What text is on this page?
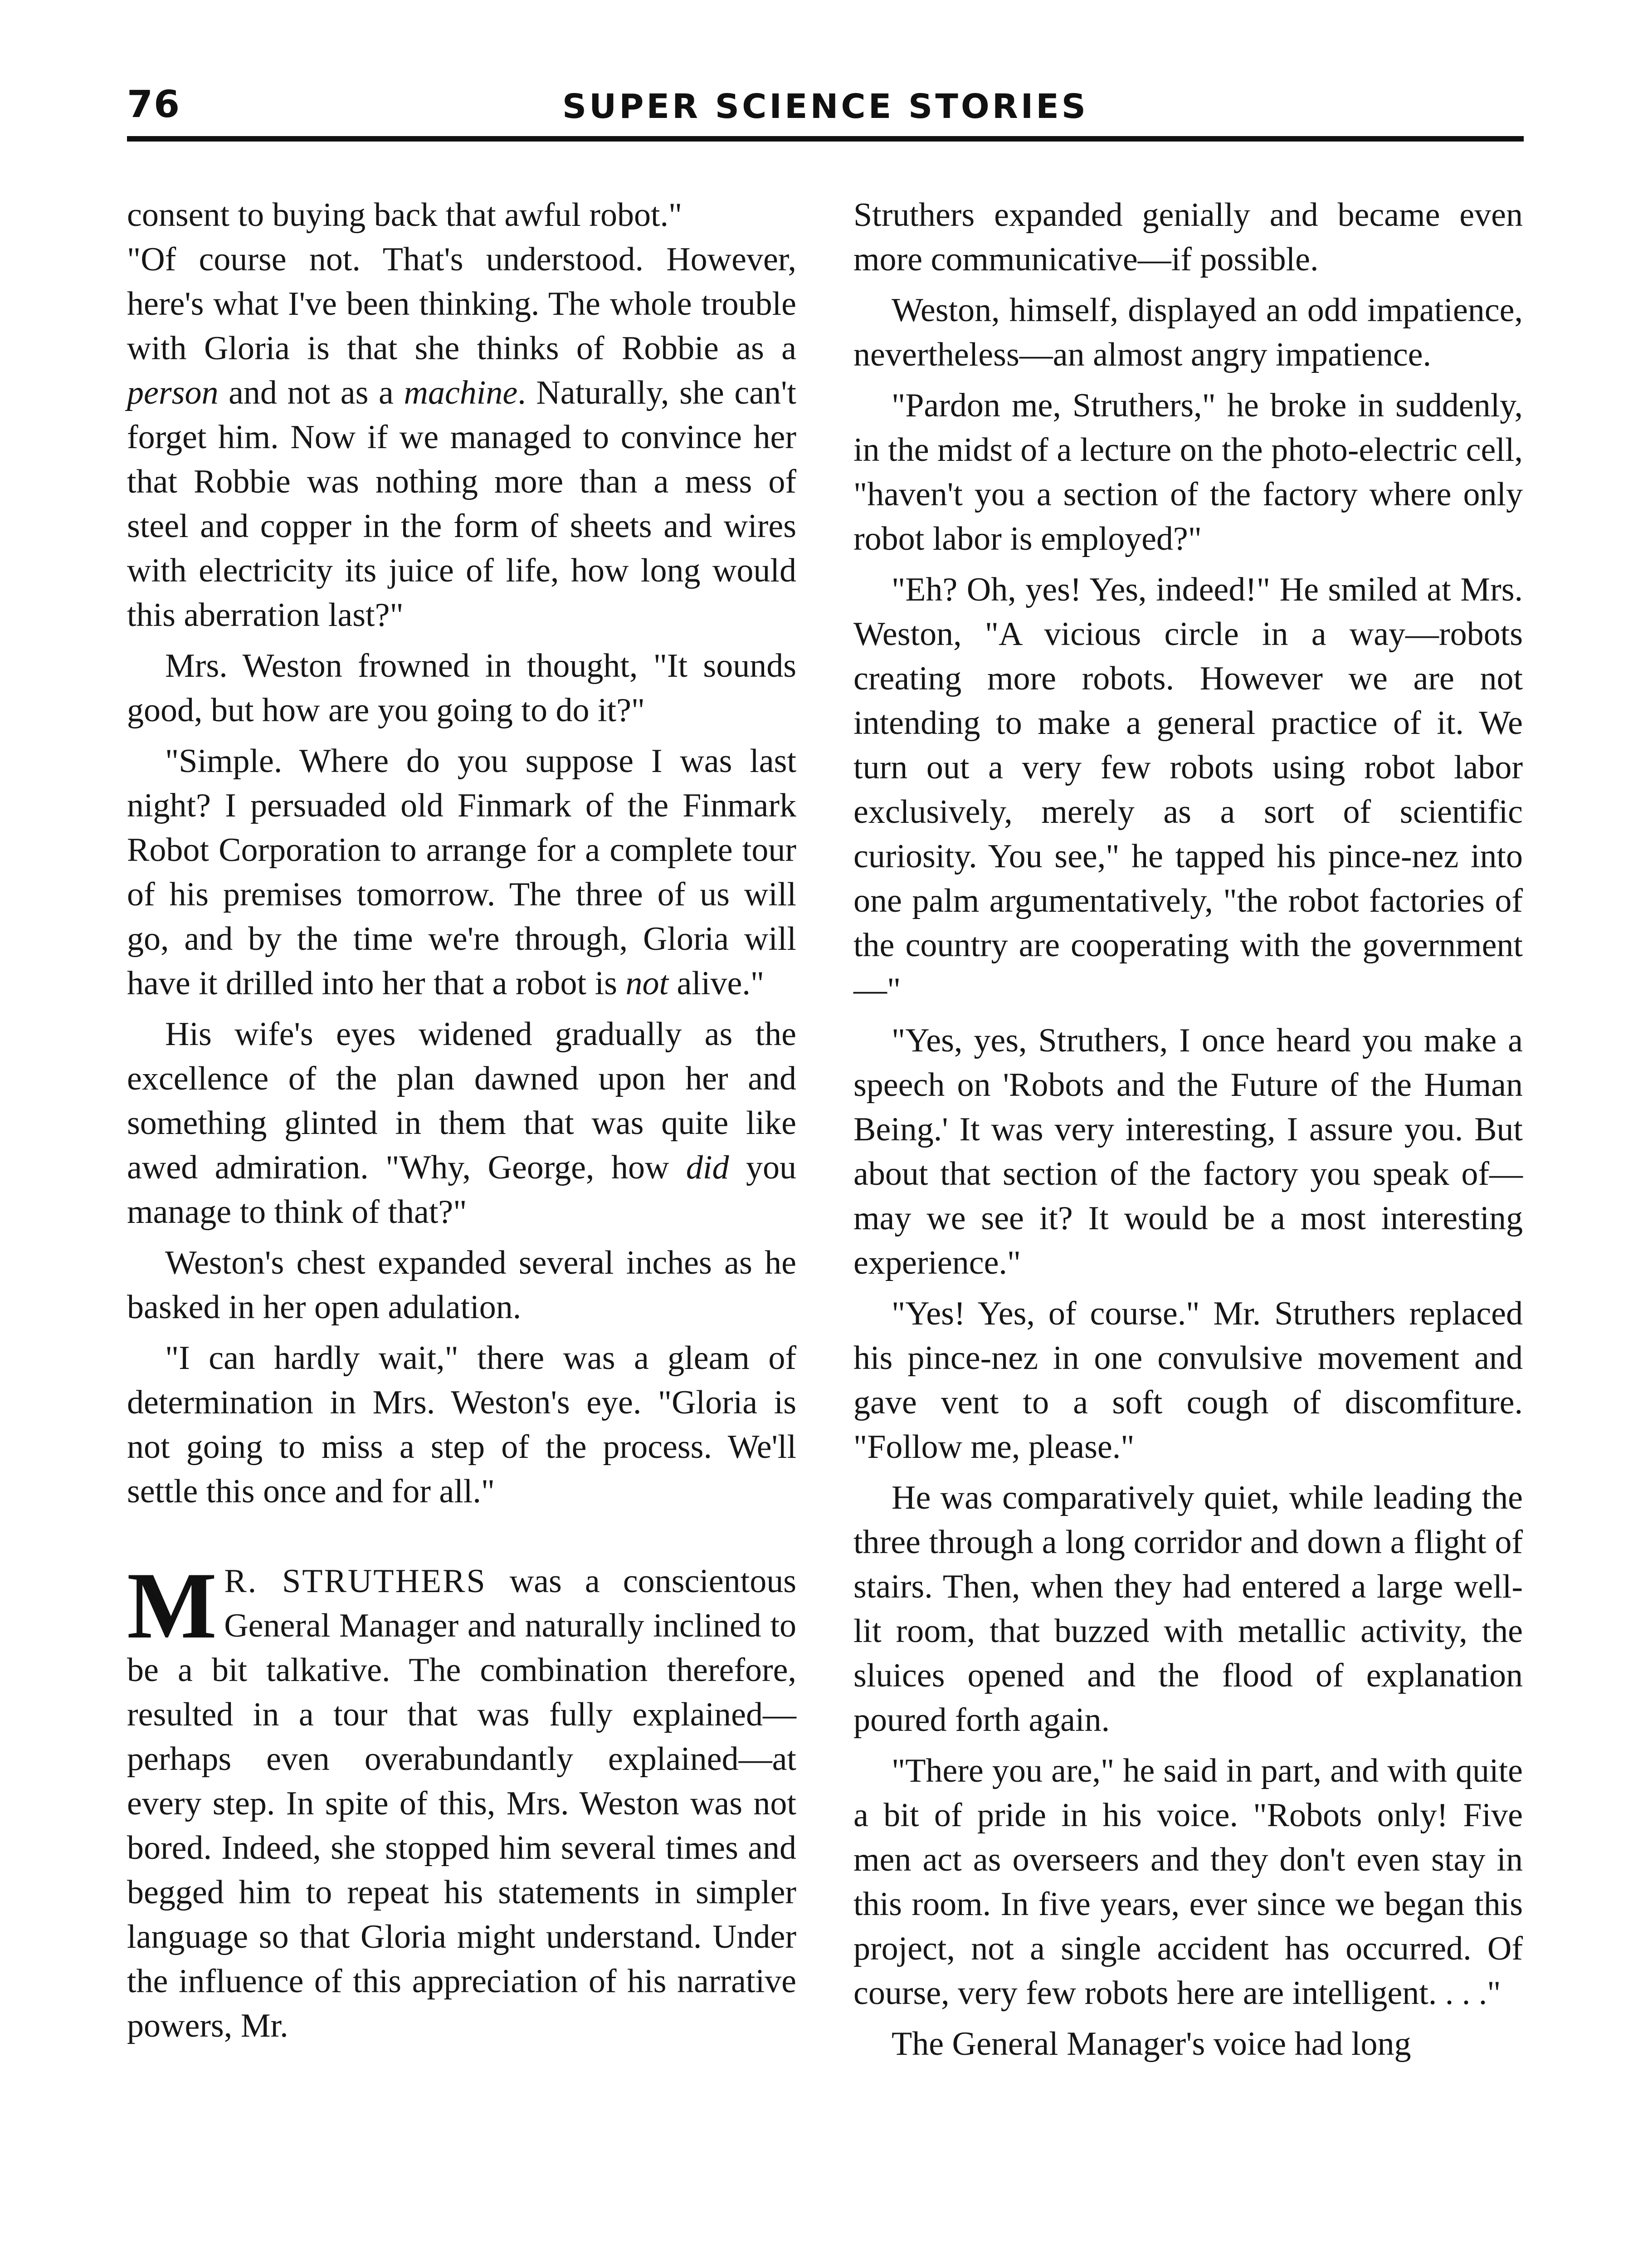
76	SUPER SCIENCE STORIES

consent to buying back that awful robot."

"Of course not. That's understood. However, here's what I've been thinking. The whole trouble with Gloria is that she thinks of Robbie as a person and not as a machine. Naturally, she can't forget him. Now if we managed to convince her that Robbie was nothing more than a mess of steel and copper in the form of sheets and wires with electricity its juice of life, how long would this aberration last?"

Mrs. Weston frowned in thought, "It sounds good, but how are you going to do it?"

"Simple. Where do you suppose I was last night? I persuaded old Finmark of the Finmark Robot Corporation to arrange for a complete tour of his premises tomorrow. The three of us will go, and by the time we're through, Gloria will have it drilled into her that a robot is not alive."

His wife's eyes widened gradually as the excellence of the plan dawned upon her and something glinted in them that was quite like awed admiration. "Why, George, how did you manage to think of that?"

Weston's chest expanded several inches as he basked in her open adulation.

"I can hardly wait," there was a gleam of determination in Mrs. Weston's eye. "Gloria is not going to miss a step of the process. We'll settle this once and for all."

M R. STRUTHERS was a conscientous General Manager and naturally inclined to be a bit talkative. The combination therefore, resulted in a tour that was fully explained—perhaps even overabundantly explained—at every step. In spite of this, Mrs. Weston was not bored. Indeed, she stopped him several times and begged him to repeat his statements in simpler language so that Gloria might understand. Under the influence of this appreciation of his narrative powers, Mr.

Struthers expanded genially and became even more communicative—if possible.

Weston, himself, displayed an odd impatience, nevertheless—an almost angry impatience.

"Pardon me, Struthers," he broke in suddenly, in the midst of a lecture on the photo-electric cell, "haven't you a section of the factory where only robot labor is employed?"

"Eh? Oh, yes! Yes, indeed!" He smiled at Mrs. Weston, "A vicious circle in a way—robots creating more robots. However we are not intending to make a general practice of it. We turn out a very few robots using robot labor exclusively, merely as a sort of scientific curiosity. You see," he tapped his pince-nez into one palm argumentatively, "the robot factories of the country are cooperating with the government—"

"Yes, yes, Struthers, I once heard you make a speech on 'Robots and the Future of the Human Being.' It was very interesting, I assure you. But about that section of the factory you speak of—may we see it? It would be a most interesting experience."

"Yes! Yes, of course." Mr. Struthers replaced his pince-nez in one convulsive movement and gave vent to a soft cough of discomfiture. "Follow me, please."

He was comparatively quiet, while leading the three through a long corridor and down a flight of stairs. Then, when they had entered a large well-lit room, that buzzed with metallic activity, the sluices opened and the flood of explanation poured forth again.

"There you are," he said in part, and with quite a bit of pride in his voice. "Robots only! Five men act as overseers and they don't even stay in this room. In five years, ever since we began this project, not a single accident has occurred. Of course, very few robots here are intelligent. . . ."

The General Manager's voice had long
